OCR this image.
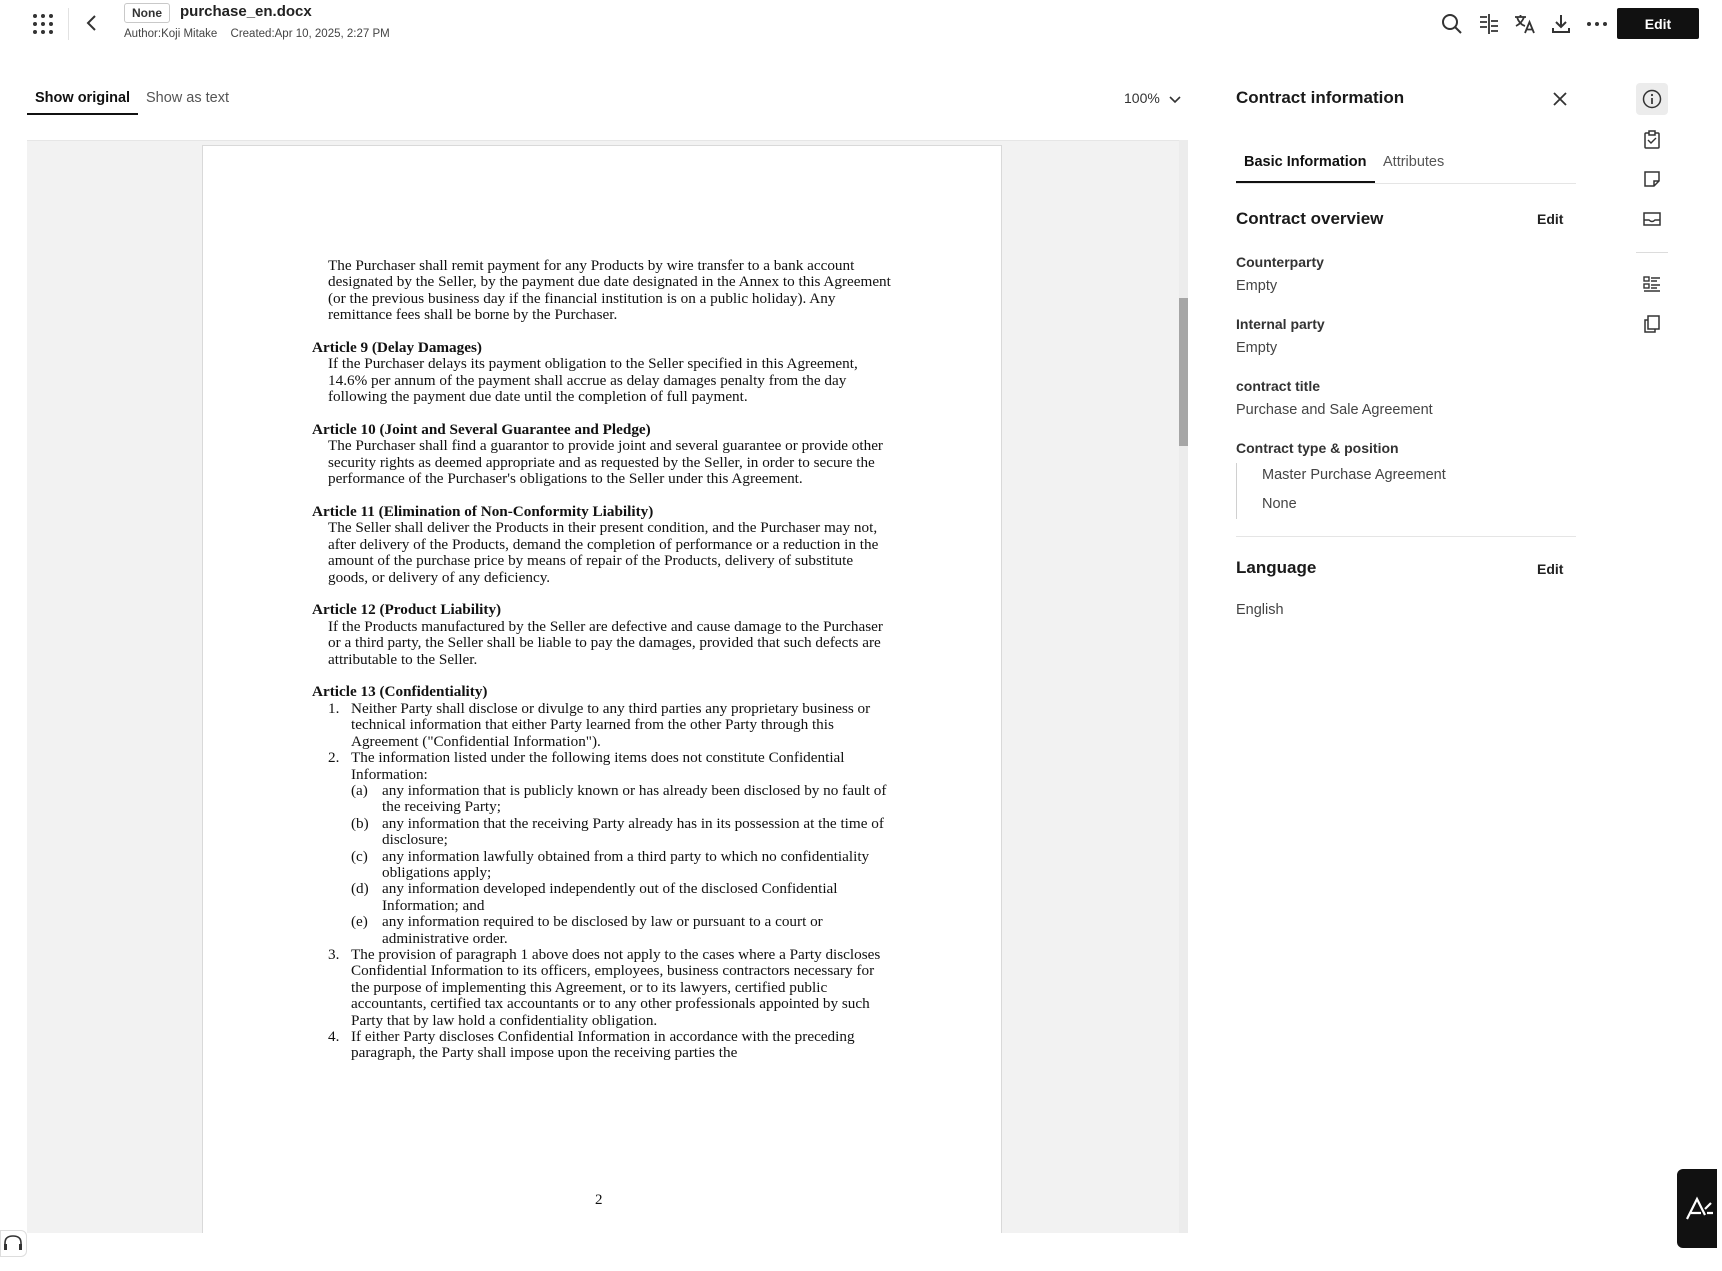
None	purchase_en.docx
Author:Koji Mitake Created:Apr 10, 2025, 2:27 PM
Edit
Show original Show as text	100%
The Purchaser shall remit payment for any Products by wire transfer to a bank account designated by the Seller, by the payment due date designated in the Annex to this Agreement (or the previous business day if the financial institution is on a public holiday). Any remittance fees shall be borne by the Purchaser.
Article 9 (Delay Damages)
If the Purchaser delays its payment obligation to the Seller specified in this Agreement, 14.6% per annum of the payment shall accrue as delay damages penalty from the day following the payment due date until the completion of full payment.
Article 10 (Joint and Several Guarantee and Pledge)
The Purchaser shall find a guarantor to provide joint and several guarantee or provide other security rights as deemed appropriate and as requested by the Seller, in order to secure the performance of the Purchaser's obligations to the Seller under this Agreement.
Article 11 (Elimination of Non-Conformity Liability)
The Seller shall deliver the Products in their present condition, and the Purchaser may not, after delivery of the Products, demand the completion of performance or a reduction in the amount of the purchase price by means of repair of the Products, delivery of substitute goods, or delivery of any deficiency.
Article 12 (Product Liability)
If the Products manufactured by the Seller are defective and cause damage to the Purchaser or a third party, the Seller shall be liable to pay the damages, provided that such defects are attributable to the Seller.
Article 13 (Confidentiality)
1. Neither Party shall disclose or divulge to any third parties any proprietary business or technical information that either Party learned from the other Party through this Agreement ("Confidential Information").
2. The information listed under the following items does not constitute Confidential Information:
(a) any information that is publicly known or has already been disclosed by no fault of the receiving Party;
(b) any information that the receiving Party already has in its possession at the time of disclosure;
(c) any information lawfully obtained from a third party to which no confidentiality obligations apply;
(d) any information developed independently out of the disclosed Confidential Information; and
(e) any information required to be disclosed by law or pursuant to a court or administrative order.
3. The provision of paragraph 1 above does not apply to the cases where a Party discloses Confidential Information to its officers, employees, business contractors necessary for the purpose of implementing this Agreement, or to its lawyers, certified public accountants, certified tax accountants or to any other professionals appointed by such Party that by law hold a confidentiality obligation.
4. If either Party discloses Confidential Information in accordance with the preceding paragraph, the Party shall impose upon the receiving parties the
2
Contract information
Basic Information Attributes
Contract overview	Edit
Counterparty
Empty
Internal party
Empty
contract title
Purchase and Sale Agreement
Contract type & position
Master Purchase Agreement
None
Language	Edit
English
